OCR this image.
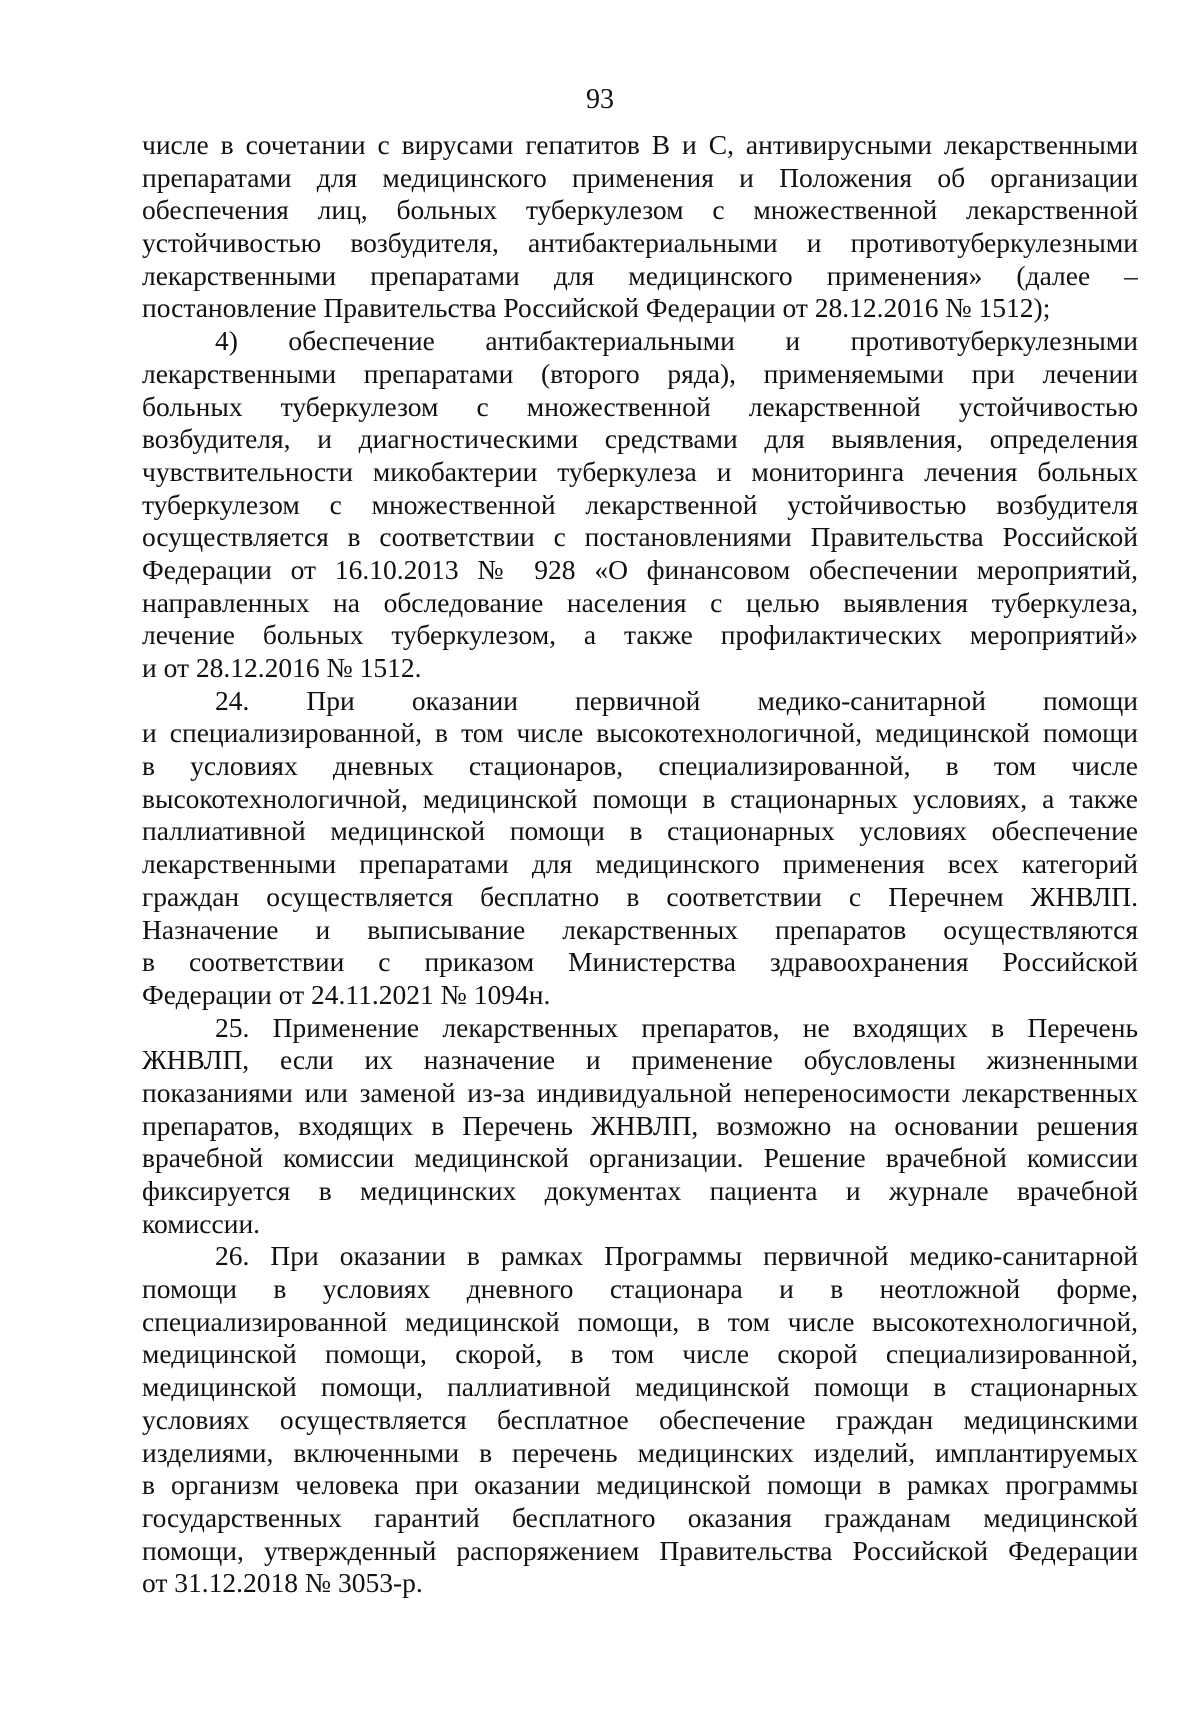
93
числе в сочетании с вирусами гепатитов B и C, антивирусными лекарственными
препаратами для медицинского применения и Положения об организации
обеспечения лиц, больных туберкулезом с множественной лекарственной
устойчивостью возбудителя, антибактериальными и противотуберкулезными
лекарственными препаратами для медицинского применения» (далее –
постановление Правительства Российской Федерации от 28.12.2016 № 1512);
4) обеспечение антибактериальными и противотуберкулезными
лекарственными препаратами (второго ряда), применяемыми при лечении
больных туберкулезом с множественной лекарственной устойчивостью
возбудителя, и диагностическими средствами для выявления, определения
чувствительности микобактерии туберкулеза и мониторинга лечения больных
туберкулезом с множественной лекарственной устойчивостью возбудителя
осуществляется в соответствии с постановлениями Правительства Российской
Федерации от 16.10.2013 № 928 «О финансовом обеспечении мероприятий,
направленных на обследование населения с целью выявления туберкулеза,
лечение больных туберкулезом, а также профилактических мероприятий»
и от 28.12.2016 № 1512.
24. При оказании первичной медико-санитарной помощи
и специализированной, в том числе высокотехнологичной, медицинской помощи
в условиях дневных стационаров, специализированной, в том числе
высокотехнологичной, медицинской помощи в стационарных условиях, а также
паллиативной медицинской помощи в стационарных условиях обеспечение
лекарственными препаратами для медицинского применения всех категорий
граждан осуществляется бесплатно в соответствии с Перечнем ЖНВЛП.
Назначение и выписывание лекарственных препаратов осуществляются
в соответствии с приказом Министерства здравоохранения Российской
Федерации от 24.11.2021 № 1094н.
25. Применение лекарственных препаратов, не входящих в Перечень
ЖНВЛП, если их назначение и применение обусловлены жизненными
показаниями или заменой из-за индивидуальной непереносимости лекарственных
препаратов, входящих в Перечень ЖНВЛП, возможно на основании решения
врачебной комиссии медицинской организации. Решение врачебной комиссии
фиксируется в медицинских документах пациента и журнале врачебной
комиссии.
26. При оказании в рамках Программы первичной медико-санитарной
помощи в условиях дневного стационара и в неотложной форме,
специализированной медицинской помощи, в том числе высокотехнологичной,
медицинской помощи, скорой, в том числе скорой специализированной,
медицинской помощи, паллиативной медицинской помощи в стационарных
условиях осуществляется бесплатное обеспечение граждан медицинскими
изделиями, включенными в перечень медицинских изделий, имплантируемых
в организм человека при оказании медицинской помощи в рамках программы
государственных гарантий бесплатного оказания гражданам медицинской
помощи, утвержденный распоряжением Правительства Российской Федерации
от 31.12.2018 № 3053-р.
